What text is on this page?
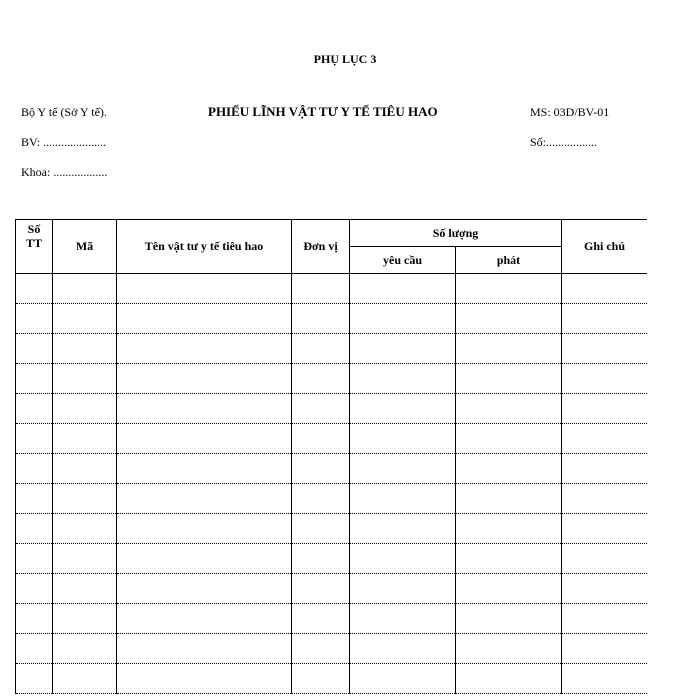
PHỤ LỤC 3
Bộ Y tế (Sở Y tế).	PHIẾU LĨNH VẬT TƯ Y TẾ TIÊU HAO	MS: 03D/BV-01
BV: .....................	Số:.................
Khoa: ..................
Số
TT	Mã	Tên vật tư y tế tiêu hao	Đơn vị	Số lượng		Ghi chú
				yêu cầu	phát	
